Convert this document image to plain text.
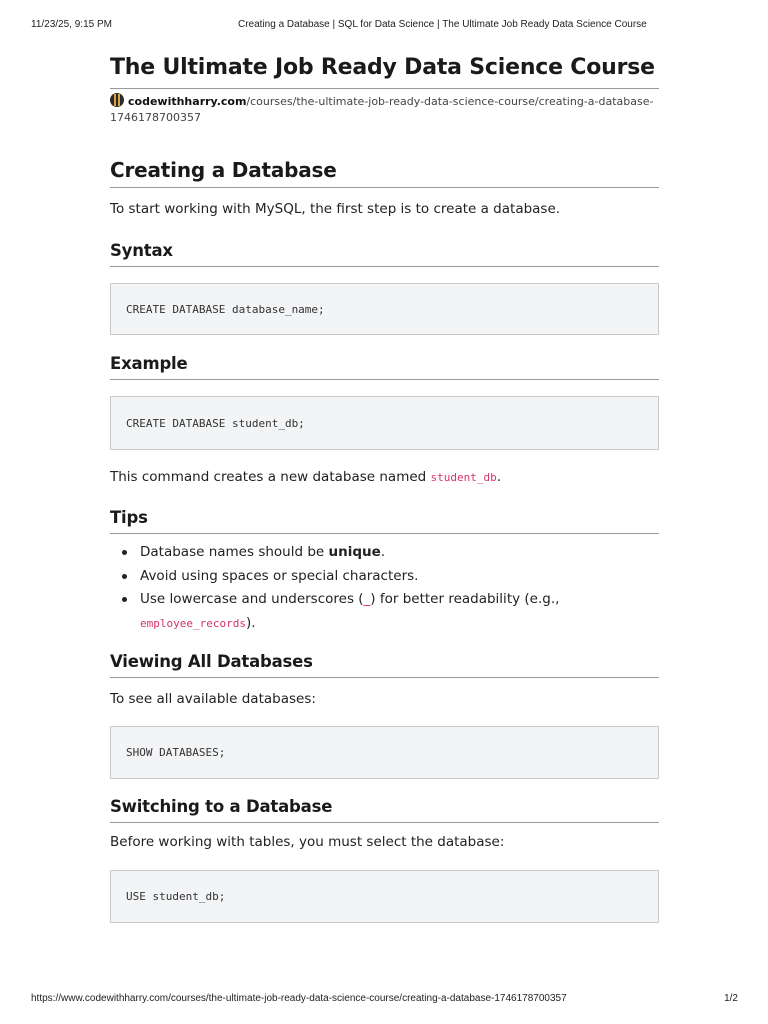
11/23/25, 9:15 PM	Creating a Database | SQL for Data Science | The Ultimate Job Ready Data Science Course
The Ultimate Job Ready Data Science Course
codewithharry.com/courses/the-ultimate-job-ready-data-science-course/creating-a-database-
1746178700357
Creating a Database

To start working with MySQL, the first step is to create a database.

Syntax
CREATE DATABASE database_name;
Example
CREATE DATABASE student_db;

This command creates a new database named student_db.

Tips
Database names should be unique.
Avoid using spaces or special characters.
Use lowercase and underscores (_) for better readability (e.g.,
employee_records).
Viewing All Databases

To see all available databases:

SHOW DATABASES;
Switching to a Database

Before working with tables, you must select the database:

USE student_db;
https://www.codewithharry.com/courses/the-ultimate-job-ready-data-science-course/creating-a-database-1746178700357	1/2
